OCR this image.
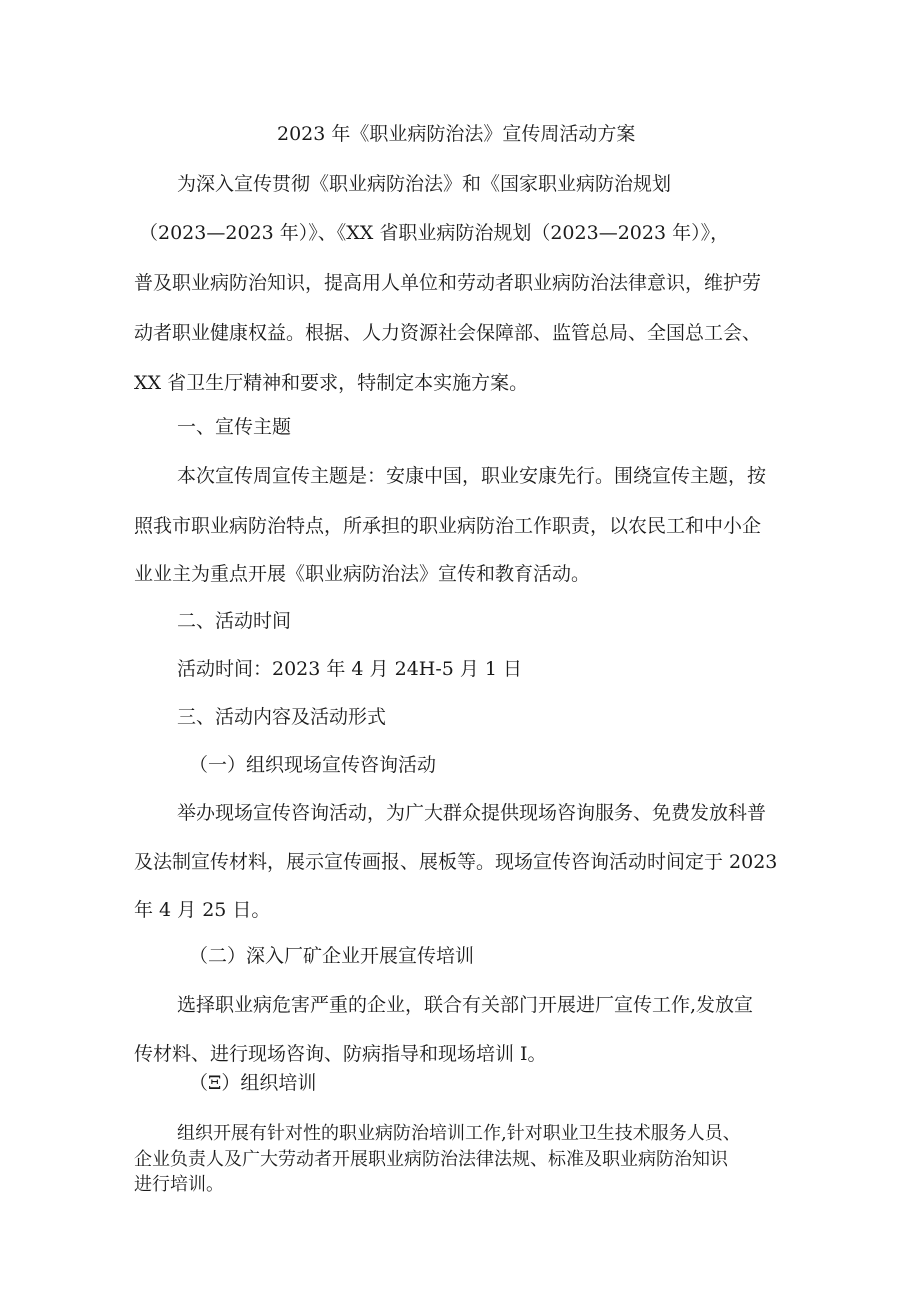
2023 年《职业病防治法》宣传周活动方案
为深入宣传贯彻《职业病防治法》和《国家职业病防治规划
（2023—2023 年）》、《XX 省职业病防治规划（2023—2023 年）》，
普及职业病防治知识，提高用人单位和劳动者职业病防治法律意识，维护劳
动者职业健康权益。根据、人力资源社会保障部、监管总局、全国总工会、
XX 省卫生厅精神和要求，特制定本实施方案。
一、宣传主题
本次宣传周宣传主题是：安康中国，职业安康先行。围绕宣传主题，按
照我市职业病防治特点，所承担的职业病防治工作职责，以农民工和中小企
业业主为重点开展《职业病防治法》宣传和教育活动。
二、活动时间
活动时间：2023 年 4 月 24H-5 月 1 日
三、活动内容及活动形式
（一）组织现场宣传咨询活动
举办现场宣传咨询活动，为广大群众提供现场咨询服务、免费发放科普
及法制宣传材料，展示宣传画报、展板等。现场宣传咨询活动时间定于 2023
年 4 月 25 日。
（二）深入厂矿企业开展宣传培训
选择职业病危害严重的企业，联合有关部门开展进厂宣传工作,发放宣
传材料、进行现场咨询、防病指导和现场培训 I。
（Ξ）组织培训
组织开展有针对性的职业病防治培训工作,针对职业卫生技术服务人员、
企业负责人及广大劳动者开展职业病防治法律法规、标准及职业病防治知识
进行培训。
